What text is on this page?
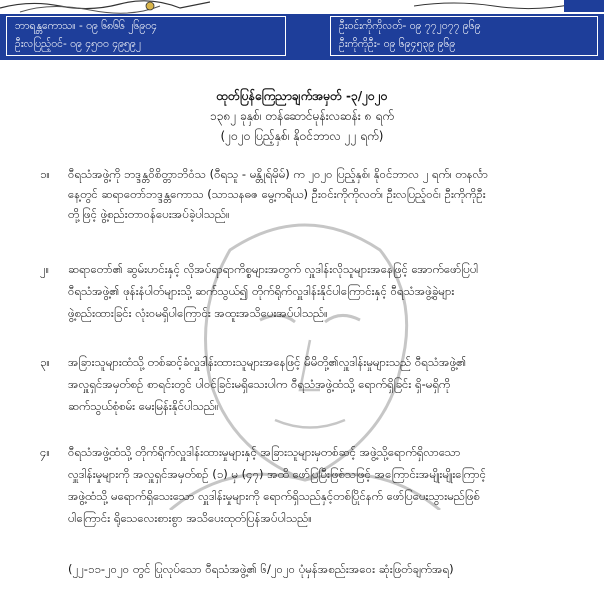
ဘာရန္တကောသ။ - ၀၉ ၆၈၆၆ ၂၆၉၀၄
ဦးလပြည့်ဝင်- ၀၉ ၄၅၀၀ ၄၉၅၉၂
ဦးဝင်းကိုကိုလတ်- ၀၉ ၇၇၂၀၇၇ ၉၆၉
ဦးကိုကိုဦး- ၀၉ ၆၉၄၅၃၉ ၉၆၉
ထုတ်ပြန်ကြေညာချက်အမှတ် -၃/၂၀၂၀
၁၃၈၂ ခုနှစ်၊ တန်ဆောင်မုန်းလဆန်း ၈ ရက်
(၂၀၂၀ ပြည့်နှစ်၊ နိုဝင်ဘာလ ၂၂ ရက်)
၁။	ဝီရသံအဖွဲ့ကို ဘဒ္ဒန္တဝိစိတ္တာဘိဝံသ (ဝီရသူ - မန္တိုရ်မိုမ်) က ၂၀၂၀ ပြည့်နှစ်၊ နိုဝင်ဘာလ ၂ ရက်၊ တနင်္လာ
နေ့တွင် ဆရာတော်ဘဒ္ဒန္တကောသ (သာသနဓဇ မွေ့ကရိယ) ဦးဝင်းကိုကိုလတ်၊ ဦးလပြည့်ဝင်၊ ဦးကိုကိုဦး
တို့ဖြင့် ဖွဲ့စည်းတာဝန်ပေးအပ်ခဲ့ပါသည်။
၂။	ဆရာတော်၏ ဆွမ်းဟင်းနှင့် လိုအပ်ရာရာကိစ္စများအတွက် လှူဒါန်းလိုသူများအနေဖြင့် အောက်ဖော်ပြပါ
ဝီရသံအဖွဲ့၏ ဖုန်းနံပါတ်များသို့ ဆက်သွယ်၍ တိုက်ရိုက်လှူဒါန်းနိုင်ပါကြောင်းနှင့် ဝီရသံအဖွဲ့ခွဲများ
ဖွဲ့စည်းထားခြင်း လုံးဝမရှိပါကြောင်း အထူးအသိပေးအပ်ပါသည်။
၃။	အခြားသူများထံသို့ တစ်ဆင့်ခံလှူဒါန်းထားသူများအနေဖြင့် မိမိတို့၏လှူဒါန်းမှုများသည် ဝီရသံအဖွဲ့၏
အလှူရှင်အမှတ်စဉ် စာရင်းတွင် ပါဝင်ခြင်းမရှိသေးပါက ဝီရသံအဖွဲ့ထံသို့ ရောက်ရှိခြင်း ရှိ-မရှိကို
ဆက်သွယ်စုံစမ်း မေးမြန်းနိုင်ပါသည်။
၄။	ဝီရသံအဖွဲ့ထံသို့ တိုက်ရိုက်လှူဒါန်းထားမှုများနှင့် အခြားသူများမှတစ်ဆင့် အဖွဲ့သို့ရောက်ရှိလာသော
လှူဒါန်းမှုများကို အလှူရှင်အမှတ်စဉ် (၁) မှ (၄၇) အထိ ဖော်ပြပြီးဖြစ်သဖြင့် အကြောင်းအမျိုးမျိုးကြောင့်
အဖွဲ့ထံသို့ မရောက်ရှိသေးသော လှူဒါန်းမှုများကို ရောက်ရှိသည်နှင့်တစ်ပြိုင်နက် ဖော်ပြပေးသွားမည်ဖြစ်
ပါကြောင်း ရိုသေလေးစားစွာ အသိပေးထုတ်ပြန်အပ်ပါသည်။
(၂၂-၁၁-၂၀၂၀ တွင် ပြုလုပ်သော ဝီရသံအဖွဲ့၏ ၆/၂၀၂၀ ပုံမှန်အစည်းအဝေး ဆုံးဖြတ်ချက်အရ)
